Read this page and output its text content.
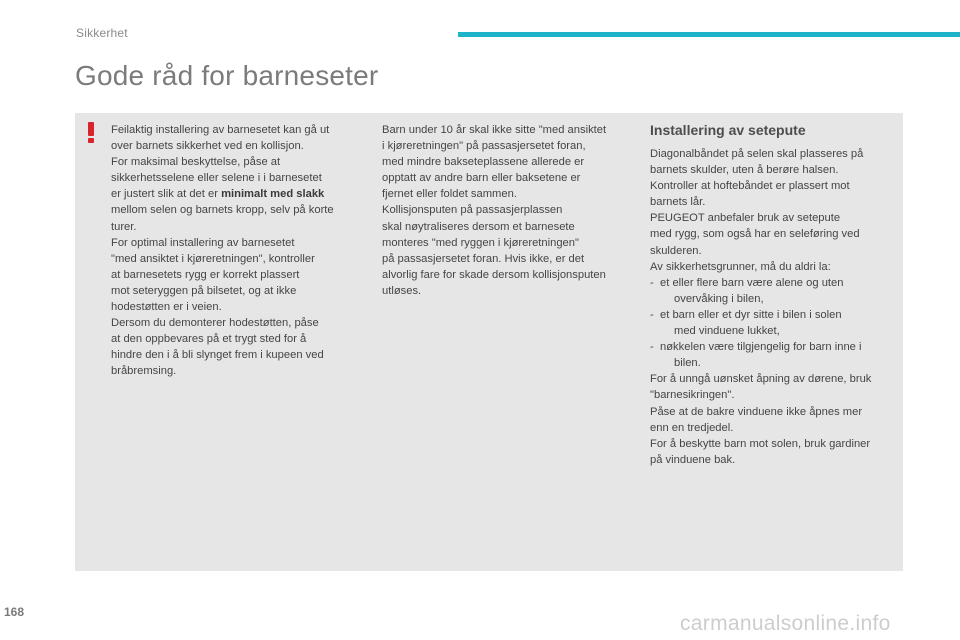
Sikkerhet
Gode råd for barneseter
Feilaktig installering av barnesetet kan gå ut
over barnets sikkerhet ved en kollisjon.
For maksimal beskyttelse, påse at
sikkerhetsselene eller selene i i barnesetet
er justert slik at det er minimalt med slakk
mellom selen og barnets kropp, selv på korte
turer.
For optimal installering av barnesetet
"med ansiktet i kjøreretningen", kontroller
at barnesetets rygg er korrekt plassert
mot seteryggen på bilsetet, og at ikke
hodestøtten er i veien.
Dersom du demonterer hodestøtten, påse
at den oppbevares på et trygt sted for å
hindre den i å bli slynget frem i kupeen ved
bråbremsing.
Barn under 10 år skal ikke sitte "med ansiktet
i kjøreretningen" på passasjersetet foran,
med mindre bakseteplassene allerede er
opptatt av andre barn eller baksetene er
fjernet eller foldet sammen.
Kollisjonsputen på passasjerplassen
skal nøytraliseres dersom et barnesete
monteres "med ryggen i kjøreretningen"
på passasjersetet foran. Hvis ikke, er det
alvorlig fare for skade dersom kollisjonsputen
utløses.
Installering av setepute
Diagonalbåndet på selen skal plasseres på
barnets skulder, uten å berøre halsen.
Kontroller at hoftebåndet er plassert mot
barnets lår.
PEUGEOT anbefaler bruk av setepute
med rygg, som også har en seleføring ved
skulderen.
Av sikkerhetsgrunner, må du aldri la:
- et eller flere barn være alene og uten
overvåking i bilen,
- et barn eller et dyr sitte i bilen i solen
med vinduene lukket,
- nøkkelen være tilgjengelig for barn inne i
bilen.
For å unngå uønsket åpning av dørene, bruk
"barnesikringen".
Påse at de bakre vinduene ikke åpnes mer
enn en tredjedel.
For å beskytte barn mot solen, bruk gardiner
på vinduene bak.
168	carmanualsonline.info
